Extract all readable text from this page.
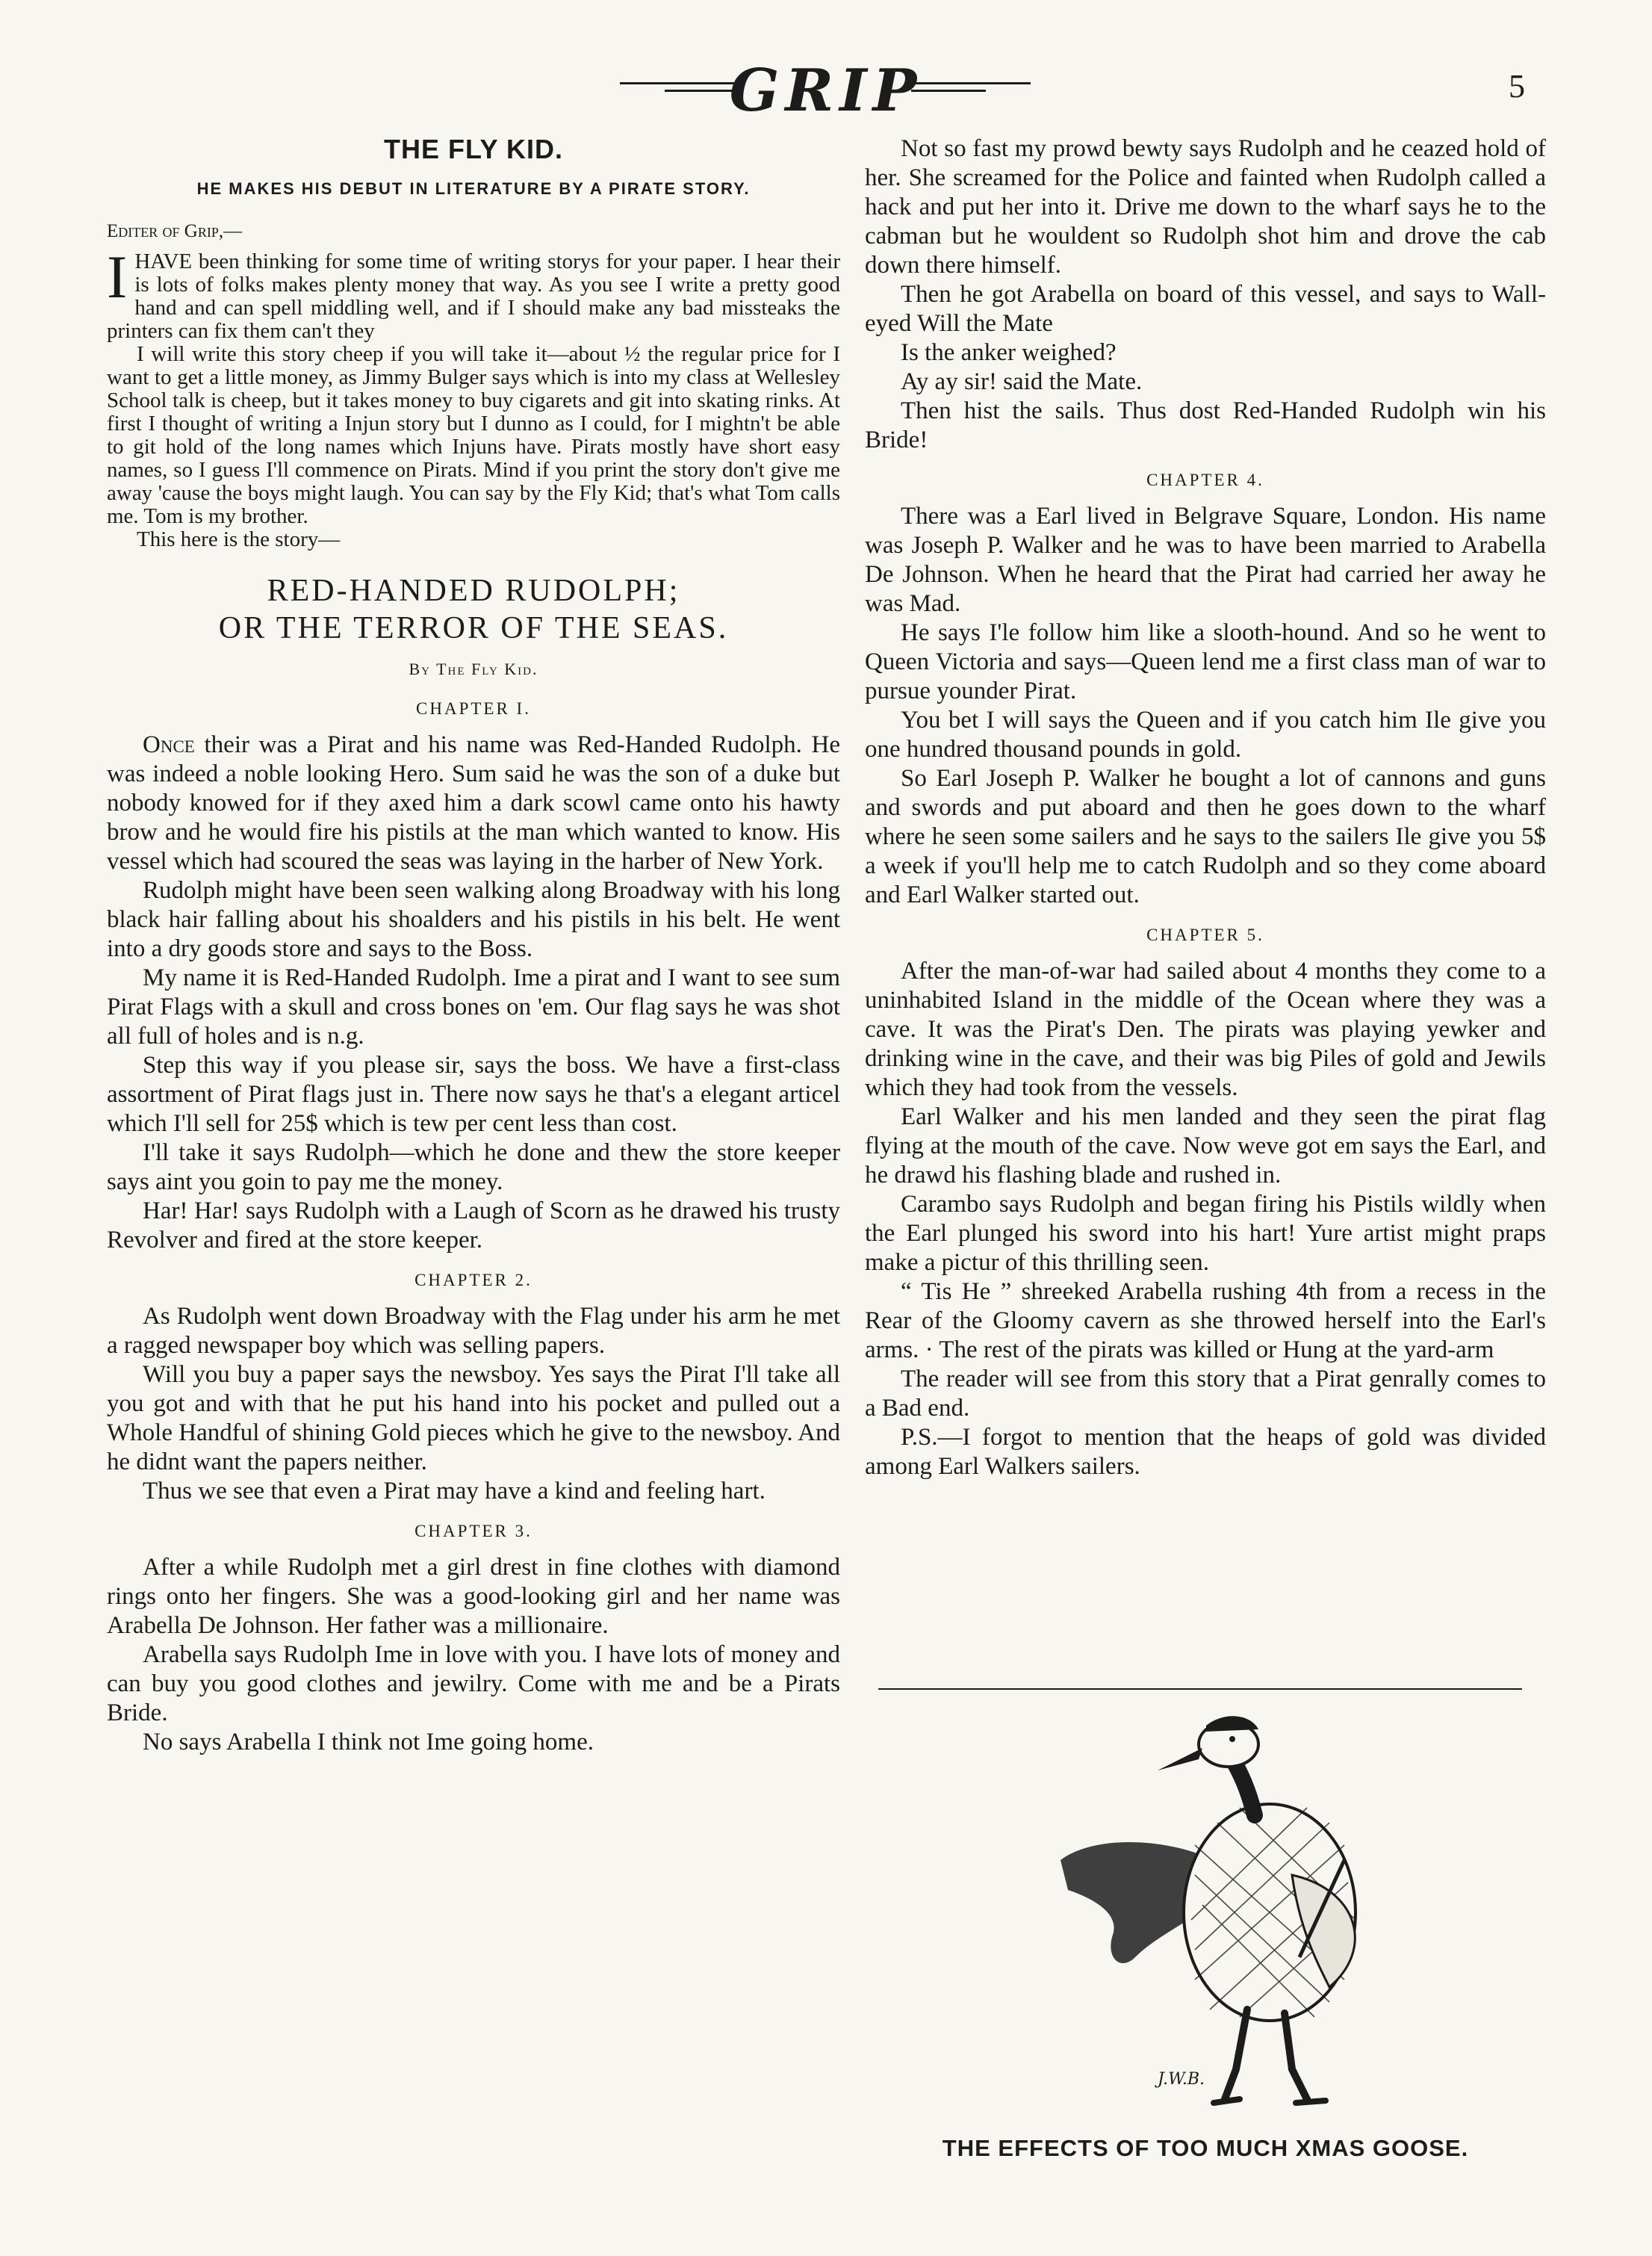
GRIP	5
THE FLY KID.
HE MAKES HIS DEBUT IN LITERATURE BY A PIRATE STORY.
Editer of Grip,—

IHAVE been thinking for some time of writing storys for your paper. I hear their is lots of folks makes plenty money that way. As you see I write a pretty good hand and can spell middling well, and if I should make any bad missteaks the printers can fix them can't they

I will write this story cheep if you will take it—about ½ the regular price for I want to get a little money, as Jimmy Bulger says which is into my class at Wellesley School talk is cheep, but it takes money to buy cigarets and git into skating rinks. At first I thought of writing a Injun story but I dunno as I could, for I mightn't be able to git hold of the long names which Injuns have. Pirats mostly have short easy names, so I guess I'll commence on Pirats. Mind if you print the story don't give me away 'cause the boys might laugh. You can say by the Fly Kid; that's what Tom calls me. Tom is my brother.

This here is the story—

RED-HANDED RUDOLPH;
OR THE TERROR OF THE SEAS.
By The Fly Kid.
CHAPTER I.

Once their was a Pirat and his name was Red-Handed Rudolph. He was indeed a noble looking Hero. Sum said he was the son of a duke but nobody knowed for if they axed him a dark scowl came onto his hawty brow and he would fire his pistils at the man which wanted to know. His vessel which had scoured the seas was laying in the harber of New York.

Rudolph might have been seen walking along Broadway with his long black hair falling about his shoalders and his pistils in his belt. He went into a dry goods store and says to the Boss.

My name it is Red-Handed Rudolph. Ime a pirat and I want to see sum Pirat Flags with a skull and cross bones on 'em. Our flag says he was shot all full of holes and is n.g.

Step this way if you please sir, says the boss. We have a first-class assortment of Pirat flags just in. There now says he that's a elegant articel which I'll sell for 25$ which is tew per cent less than cost.

I'll take it says Rudolph—which he done and thew the store keeper says aint you goin to pay me the money.

Har! Har! says Rudolph with a Laugh of Scorn as he drawed his trusty Revolver and fired at the store keeper.

CHAPTER 2.

As Rudolph went down Broadway with the Flag under his arm he met a ragged newspaper boy which was selling papers.

Will you buy a paper says the newsboy. Yes says the Pirat I'll take all you got and with that he put his hand into his pocket and pulled out a Whole Handful of shining Gold pieces which he give to the newsboy. And he didnt want the papers neither.

Thus we see that even a Pirat may have a kind and feeling hart.

CHAPTER 3.

After a while Rudolph met a girl drest in fine clothes with diamond rings onto her fingers. She was a good-looking girl and her name was Arabella De Johnson. Her father was a millionaire.

Arabella says Rudolph Ime in love with you. I have lots of money and can buy you good clothes and jewilry. Come with me and be a Pirats Bride.

No says Arabella I think not Ime going home.

Not so fast my prowd bewty says Rudolph and he ceazed hold of her. She screamed for the Police and fainted when Rudolph called a hack and put her into it. Drive me down to the wharf says he to the cabman but he wouldent so Rudolph shot him and drove the cab down there himself.

Then he got Arabella on board of this vessel, and says to Wall-eyed Will the Mate

Is the anker weighed?

Ay ay sir! said the Mate.

Then hist the sails. Thus dost Red-Handed Rudolph win his Bride!

CHAPTER 4.

There was a Earl lived in Belgrave Square, London. His name was Joseph P. Walker and he was to have been married to Arabella De Johnson. When he heard that the Pirat had carried her away he was Mad.

He says I'le follow him like a slooth-hound. And so he went to Queen Victoria and says—Queen lend me a first class man of war to pursue younder Pirat.

You bet I will says the Queen and if you catch him Ile give you one hundred thousand pounds in gold.

So Earl Joseph P. Walker he bought a lot of cannons and guns and swords and put aboard and then he goes down to the wharf where he seen some sailers and he says to the sailers Ile give you 5$ a week if you'll help me to catch Rudolph and so they come aboard and Earl Walker started out.

CHAPTER 5.

After the man-of-war had sailed about 4 months they come to a uninhabited Island in the middle of the Ocean where they was a cave. It was the Pirat's Den. The pirats was playing yewker and drinking wine in the cave, and their was big Piles of gold and Jewils which they had took from the vessels.

Earl Walker and his men landed and they seen the pirat flag flying at the mouth of the cave. Now weve got em says the Earl, and he drawd his flashing blade and rushed in.

Carambo says Rudolph and began firing his Pistils wildly when the Earl plunged his sword into his hart! Yure artist might praps make a pictur of this thrilling seen.

“ Tis He ” shreeked Arabella rushing 4th from a recess in the Rear of the Gloomy cavern as she throwed herself into the Earl's arms. · The rest of the pirats was killed or Hung at the yard-arm

The reader will see from this story that a Pirat genrally comes to a Bad end.

P.S.—I forgot to mention that the heaps of gold was divided among Earl Walkers sailers.

J.W.B.
THE EFFECTS OF TOO MUCH XMAS GOOSE.
